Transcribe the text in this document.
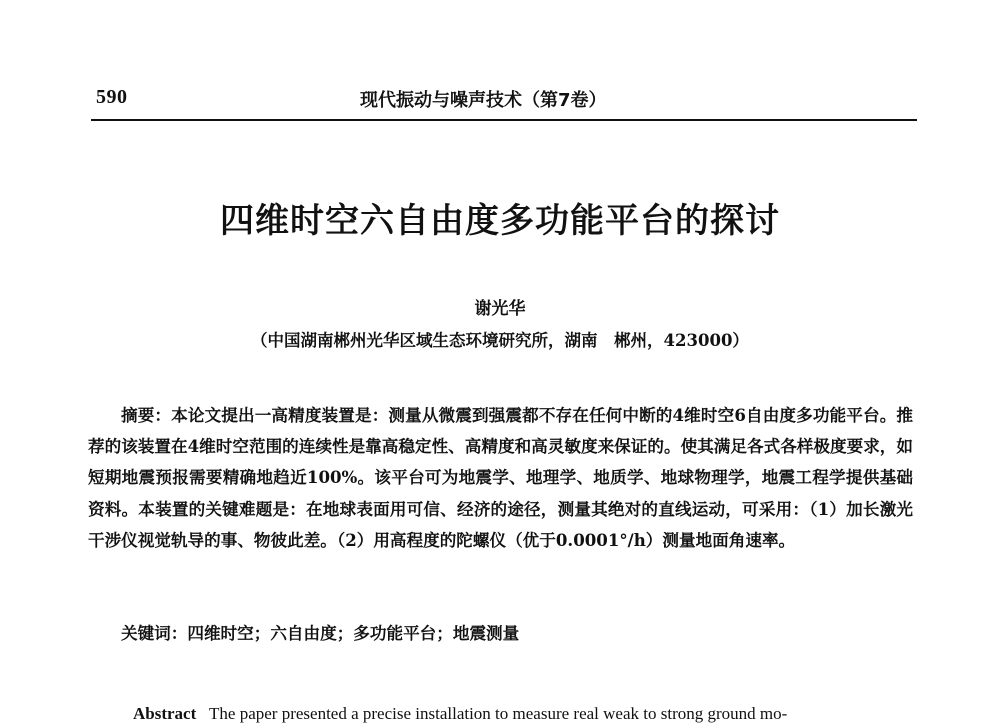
590	现代振动与噪声技术（第7卷）
四维时空六自由度多功能平台的探讨
谢光华
（中国湖南郴州光华区域生态环境研究所，湖南　郴州，423000）
摘要：本论文提出一高精度装置是：测量从微震到强震都不存在任何中断的4维时空6自由度多功能平台。推荐的该装置在4维时空范围的连续性是靠高稳定性、高精度和高灵敏度来保证的。使其满足各式各样极度要求，如短期地震预报需要精确地趋近100%。该平台可为地震学、地理学、地质学、地球物理学，地震工程学提供基础资料。本装置的关键难题是：在地球表面用可信、经济的途径，测量其绝对的直线运动，可采用：（1）加长激光干涉仪视觉轨导的事、物彼此差。（2）用高程度的陀螺仪（优于0.0001°/h）测量地面角速率。
关键词：四维时空；六自由度；多功能平台；地震测量
Abstract The paper presented a precise installation to measure real weak to strong ground mo-
